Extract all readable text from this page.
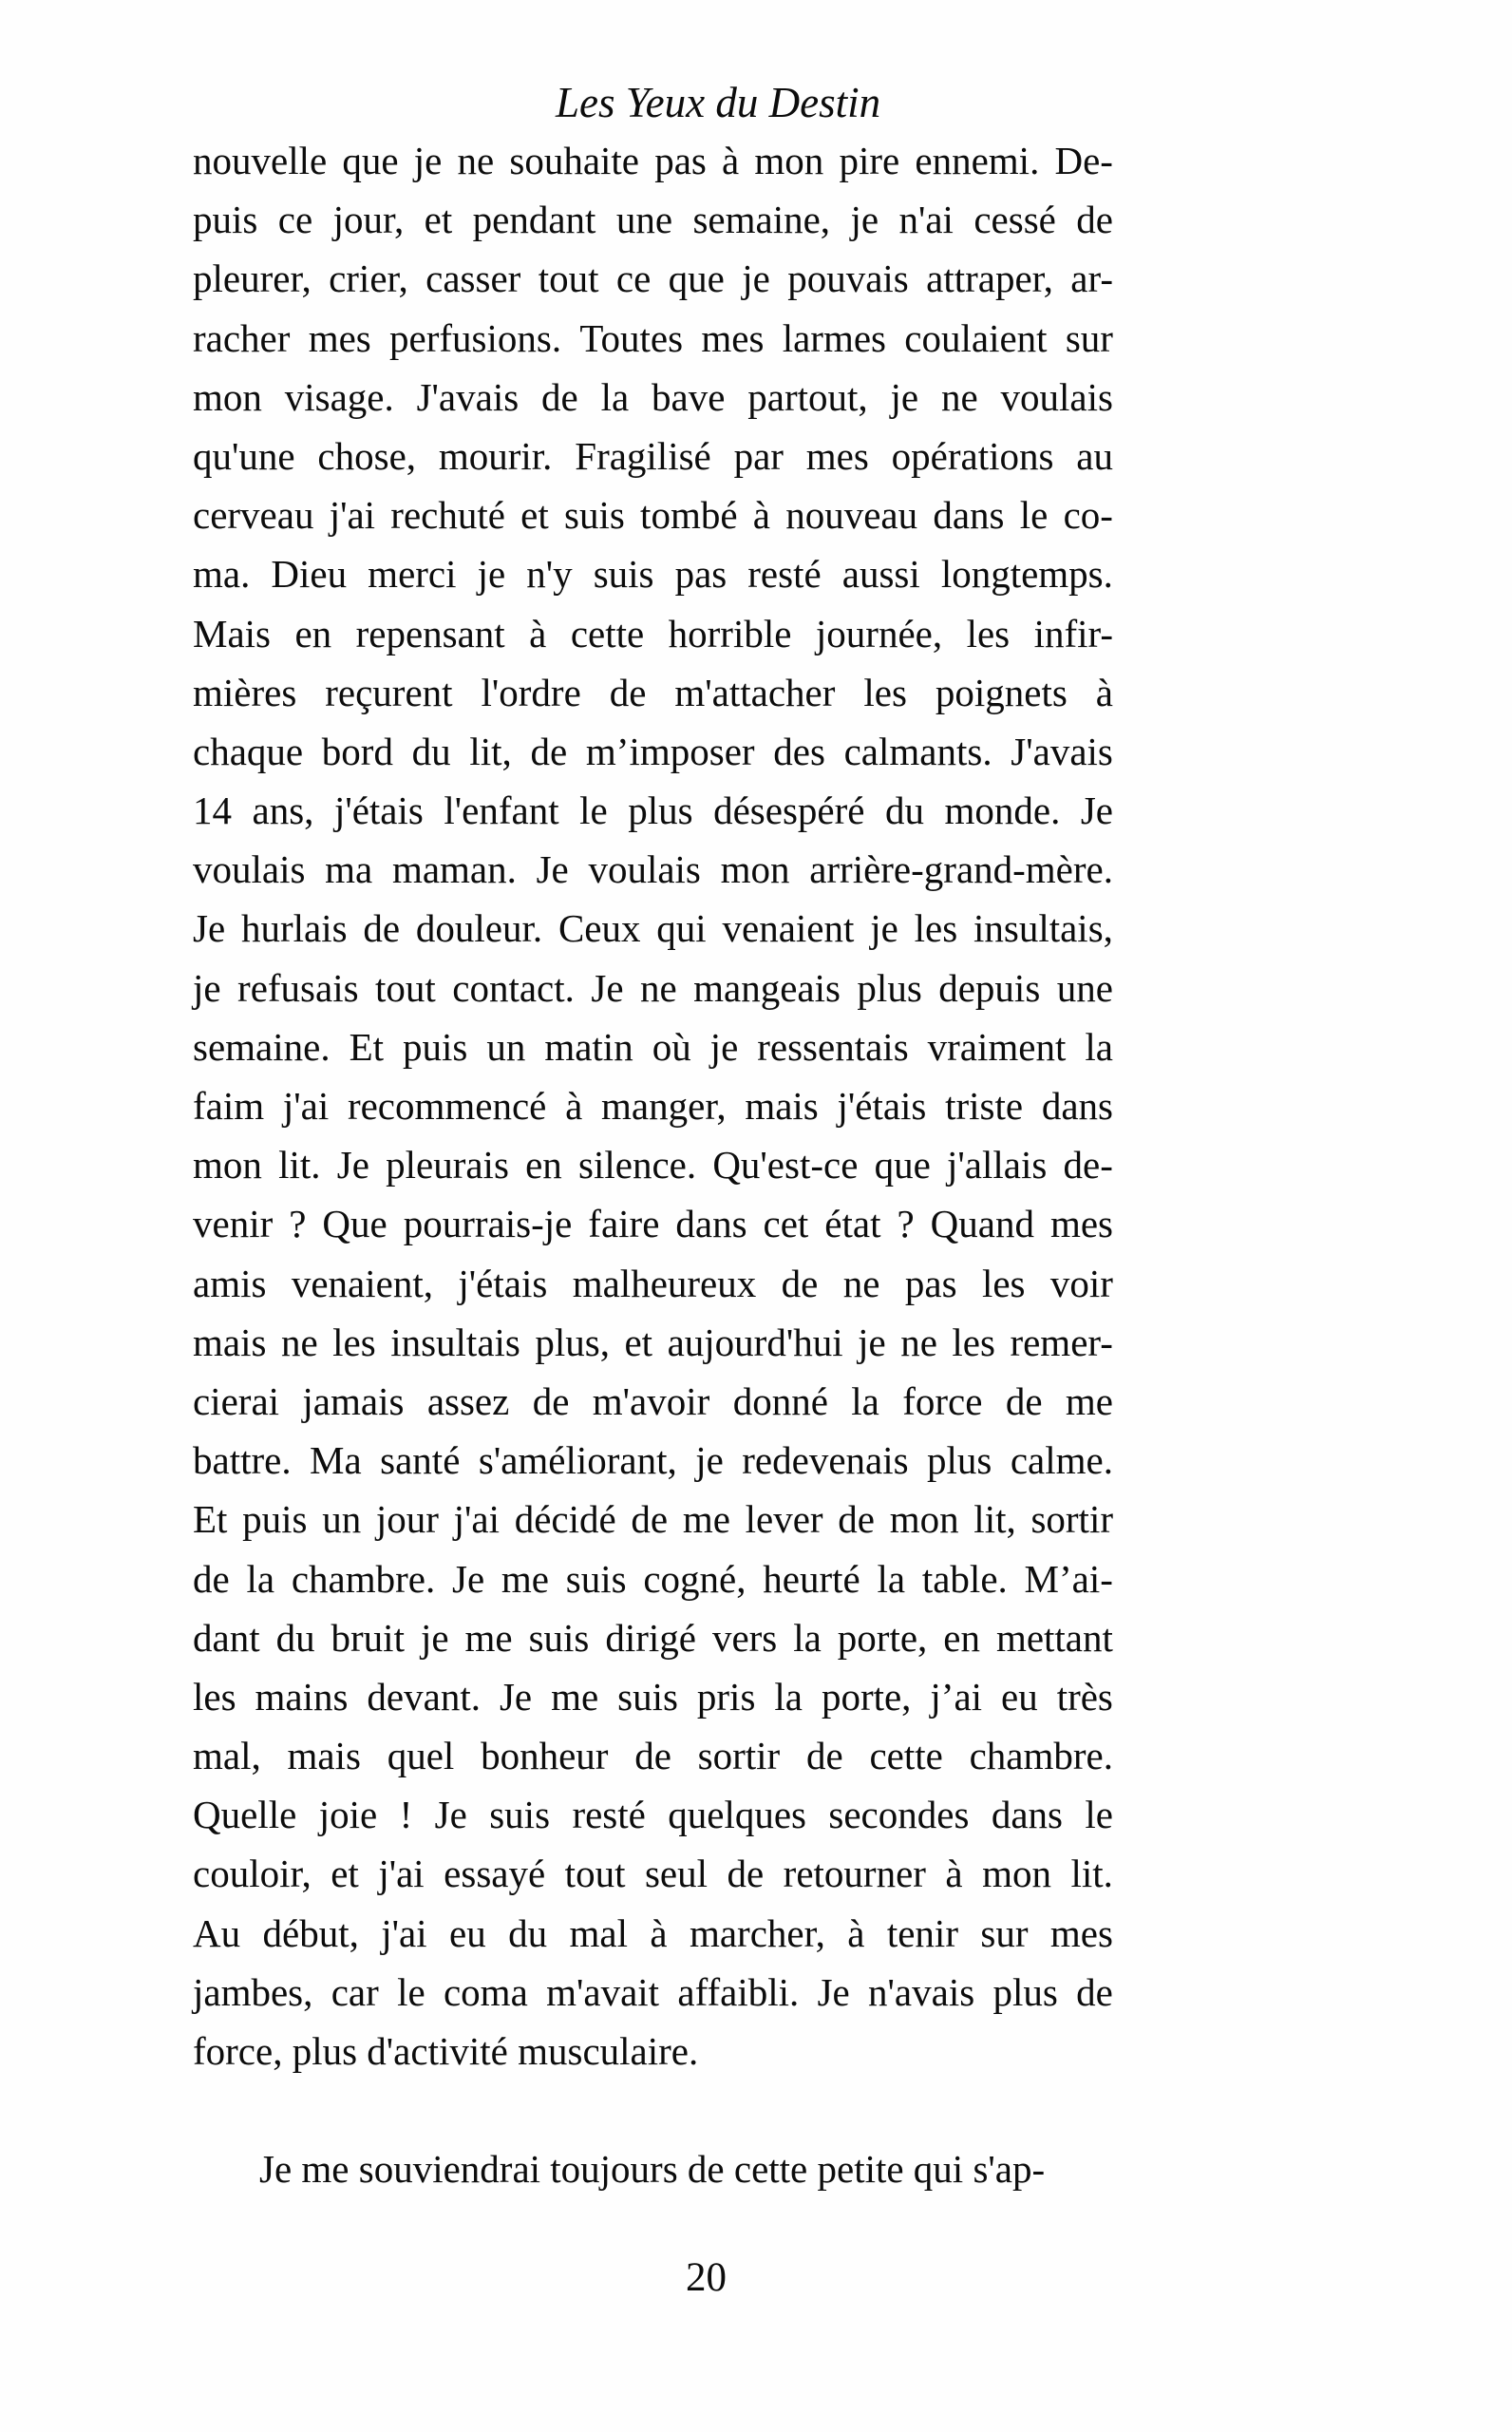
Les Yeux du Destin
nouvelle que je ne souhaite pas à mon pire ennemi. De-
puis ce jour, et pendant une semaine, je n'ai cessé de
pleurer, crier, casser tout ce que je pouvais attraper, ar-
racher mes perfusions. Toutes mes larmes coulaient sur
mon visage. J'avais de la bave partout, je ne voulais
qu'une chose, mourir. Fragilisé par mes opérations au
cerveau j'ai rechuté et suis tombé à nouveau dans le co-
ma. Dieu merci je n'y suis pas resté aussi longtemps.
Mais en repensant à cette horrible journée, les infir-
mières reçurent l'ordre de m'attacher les poignets à
chaque bord du lit, de m’imposer des calmants. J'avais
14 ans, j'étais l'enfant le plus désespéré du monde. Je
voulais ma maman. Je voulais mon arrière-grand-mère.
Je hurlais de douleur. Ceux qui venaient je les insultais,
je refusais tout contact. Je ne mangeais plus depuis une
semaine. Et puis un matin où je ressentais vraiment la
faim j'ai recommencé à manger, mais j'étais triste dans
mon lit. Je pleurais en silence. Qu'est-ce que j'allais de-
venir ? Que pourrais-je faire dans cet état ? Quand mes
amis venaient, j'étais malheureux de ne pas les voir
mais ne les insultais plus, et aujourd'hui je ne les remer-
cierai jamais assez de m'avoir donné la force de me
battre. Ma santé s'améliorant, je redevenais plus calme.
Et puis un jour j'ai décidé de me lever de mon lit, sortir
de la chambre. Je me suis cogné, heurté la table. M’ai-
dant du bruit je me suis dirigé vers la porte, en mettant
les mains devant. Je me suis pris la porte, j’ai eu très
mal, mais quel bonheur de sortir de cette chambre.
Quelle joie ! Je suis resté quelques secondes dans le
couloir, et j'ai essayé tout seul de retourner à mon lit.
Au début, j'ai eu du mal à marcher, à tenir sur mes
jambes, car le coma m'avait affaibli. Je n'avais plus de
force, plus d'activité musculaire.
Je me souviendrai toujours de cette petite qui s'ap-
20
